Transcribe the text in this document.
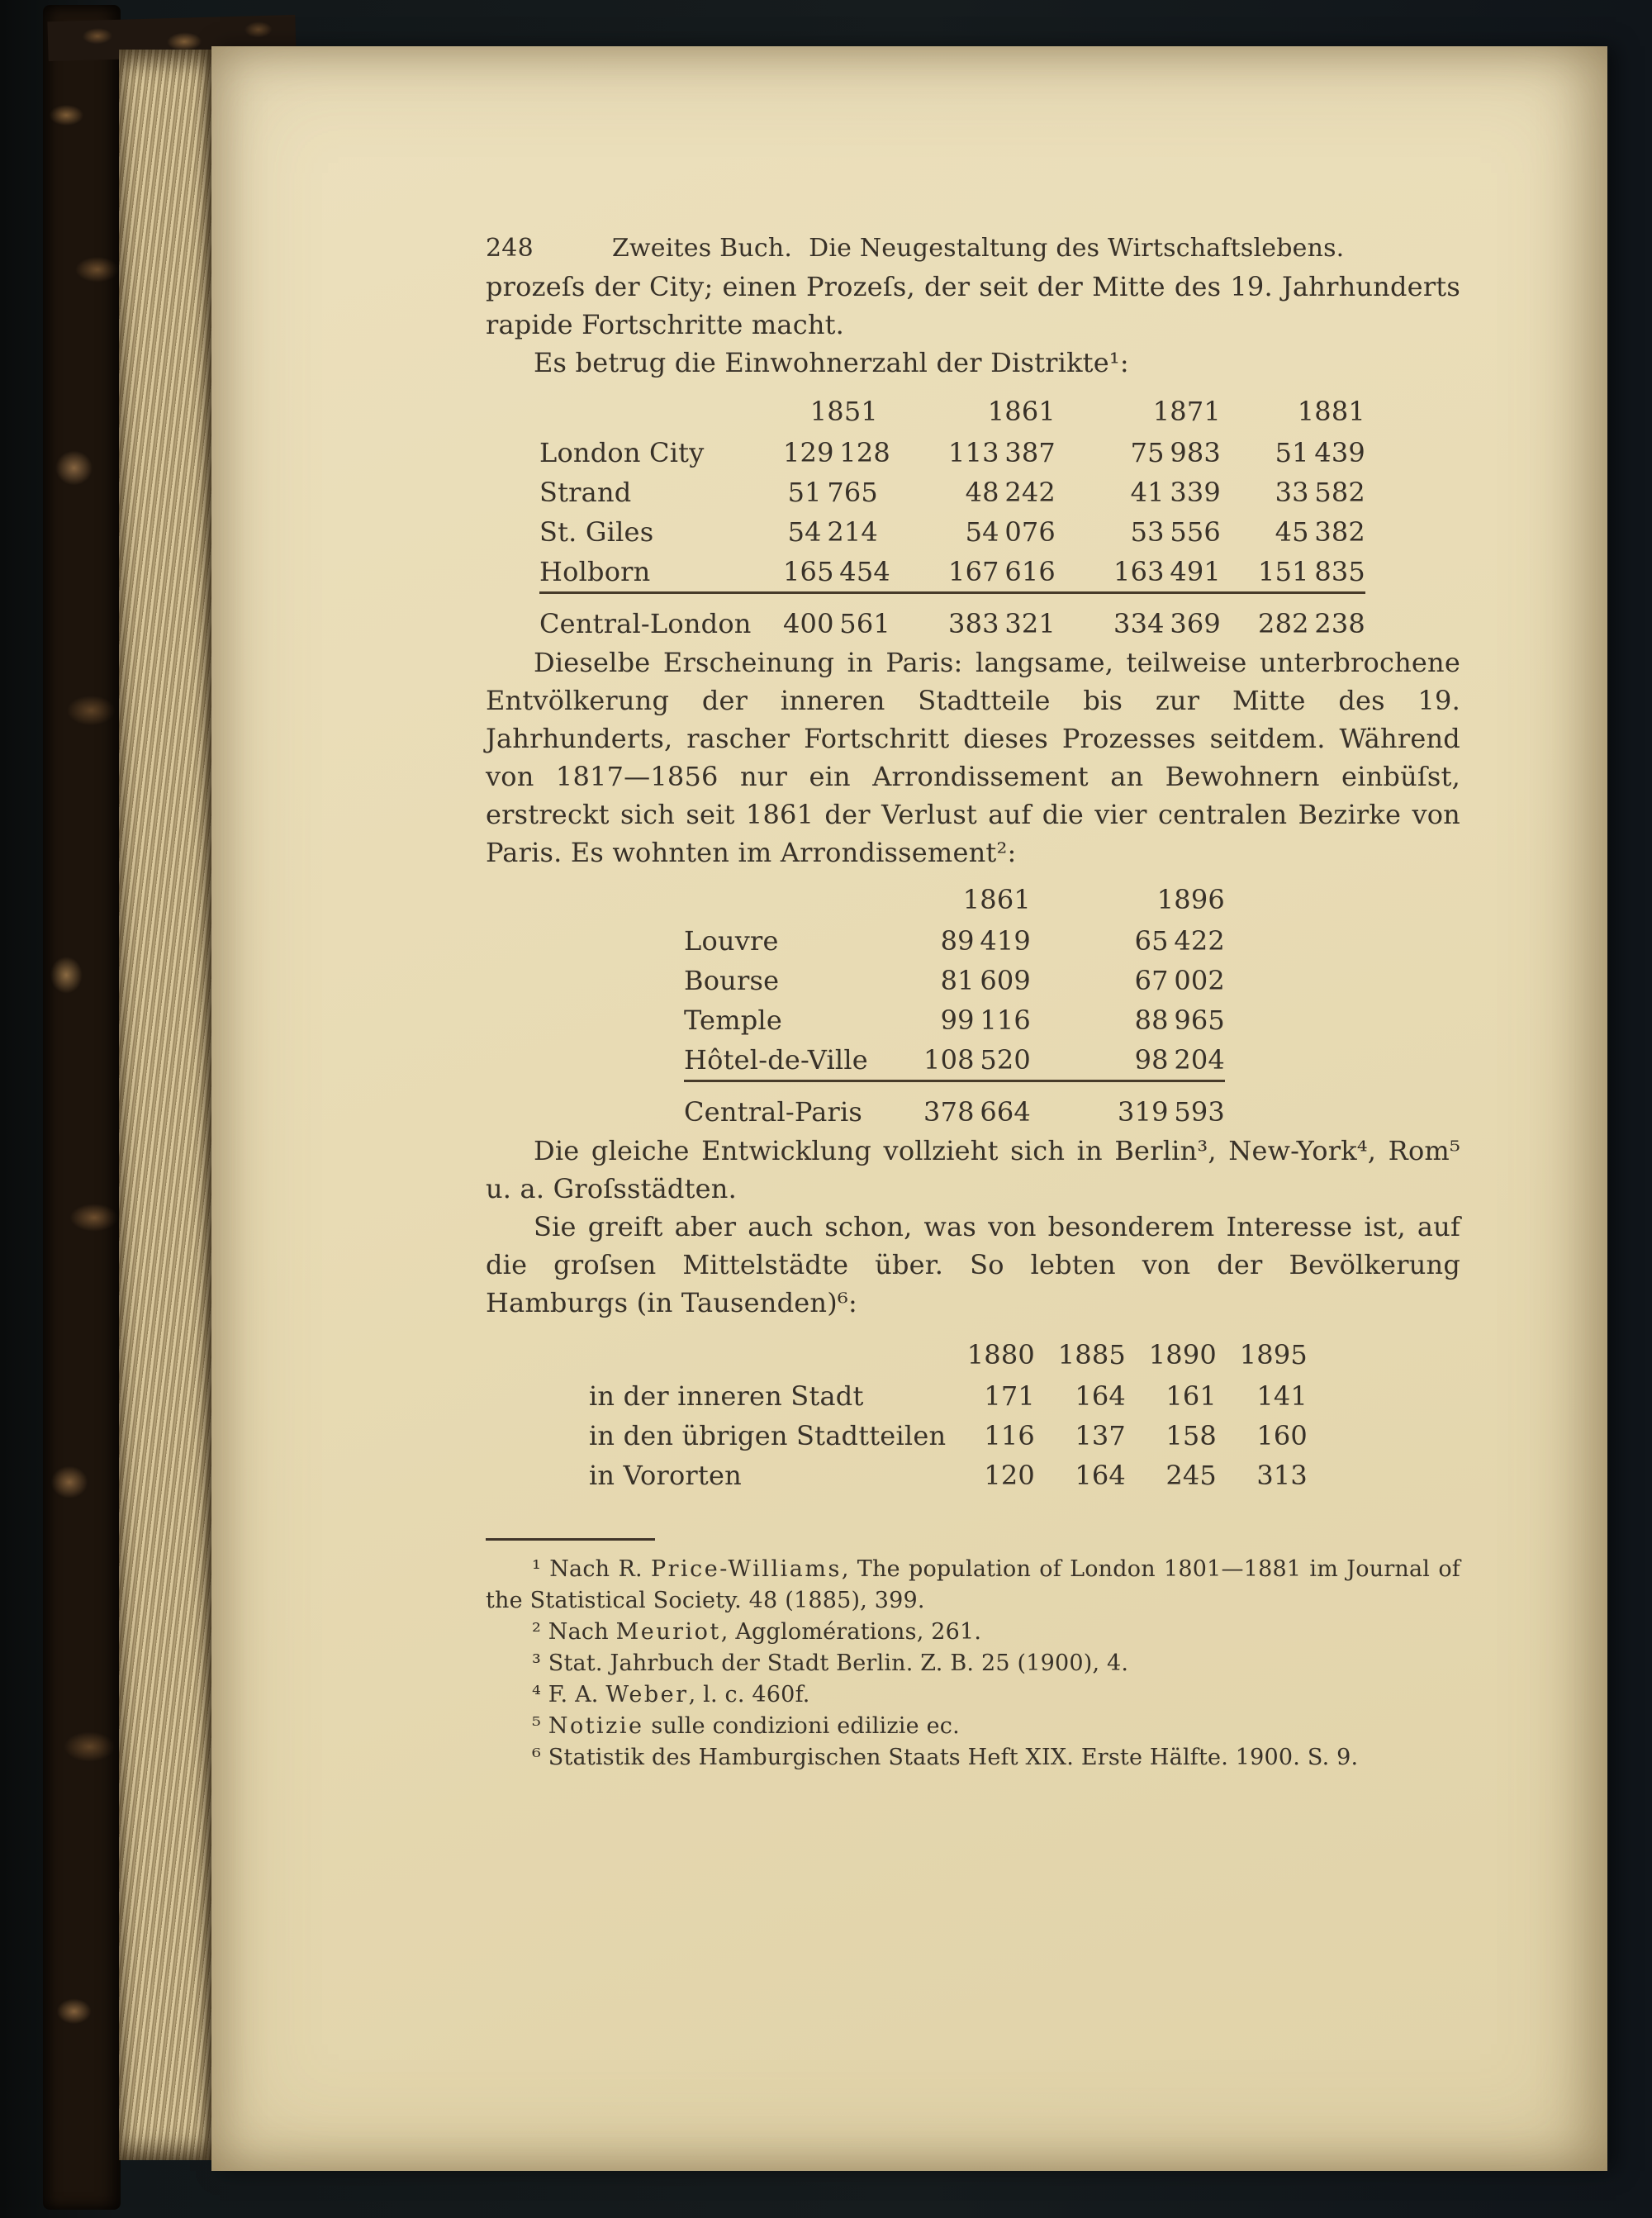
248	Zweites Buch. Die Neugestaltung des Wirtschaftslebens.

prozeſs der City; einen Prozeſs, der seit der Mitte des 19. Jahrhunderts rapide Fortschritte macht.

Es betrug die Einwohnerzahl der Distrikte¹:

	1851	1861	1871	1881
London City	129 128	113 387	75 983	51 439
Strand	51 765	48 242	41 339	33 582
St. Giles	54 214	54 076	53 556	45 382
Holborn	165 454	167 616	163 491	151 835
Central-London	400 561	383 321	334 369	282 238

Dieselbe Erscheinung in Paris: langsame, teilweise unterbrochene Entvölkerung der inneren Stadtteile bis zur Mitte des 19. Jahrhunderts, rascher Fortschritt dieses Prozesses seitdem. Während von 1817—1856 nur ein Arrondissement an Bewohnern einbüſst, erstreckt sich seit 1861 der Verlust auf die vier centralen Bezirke von Paris. Es wohnten im Arrondissement²:

	1861	1896
Louvre	89 419	65 422
Bourse	81 609	67 002
Temple	99 116	88 965
Hôtel-de-Ville	108 520	98 204
Central-Paris	378 664	319 593

Die gleiche Entwicklung vollzieht sich in Berlin³, New-York⁴, Rom⁵ u. a. Groſsstädten.

Sie greift aber auch schon, was von besonderem Interesse ist, auf die groſsen Mittelstädte über. So lebten von der Bevölkerung Hamburgs (in Tausenden)⁶:

	1880	1885	1890	1895
in der inneren Stadt	171	164	161	141
in den übrigen Stadtteilen	116	137	158	160
in Vororten	120	164	245	313

¹ Nach R. Price-Williams, The population of London 1801—1881 im Journal of the Statistical Society. 48 (1885), 399.

² Nach Meuriot, Agglomérations, 261.

³ Stat. Jahrbuch der Stadt Berlin. Z. B. 25 (1900), 4.

⁴ F. A. Weber, l. c. 460f.

⁵ Notizie sulle condizioni edilizie ec.

⁶ Statistik des Hamburgischen Staats Heft XIX. Erste Hälfte. 1900. S. 9.
